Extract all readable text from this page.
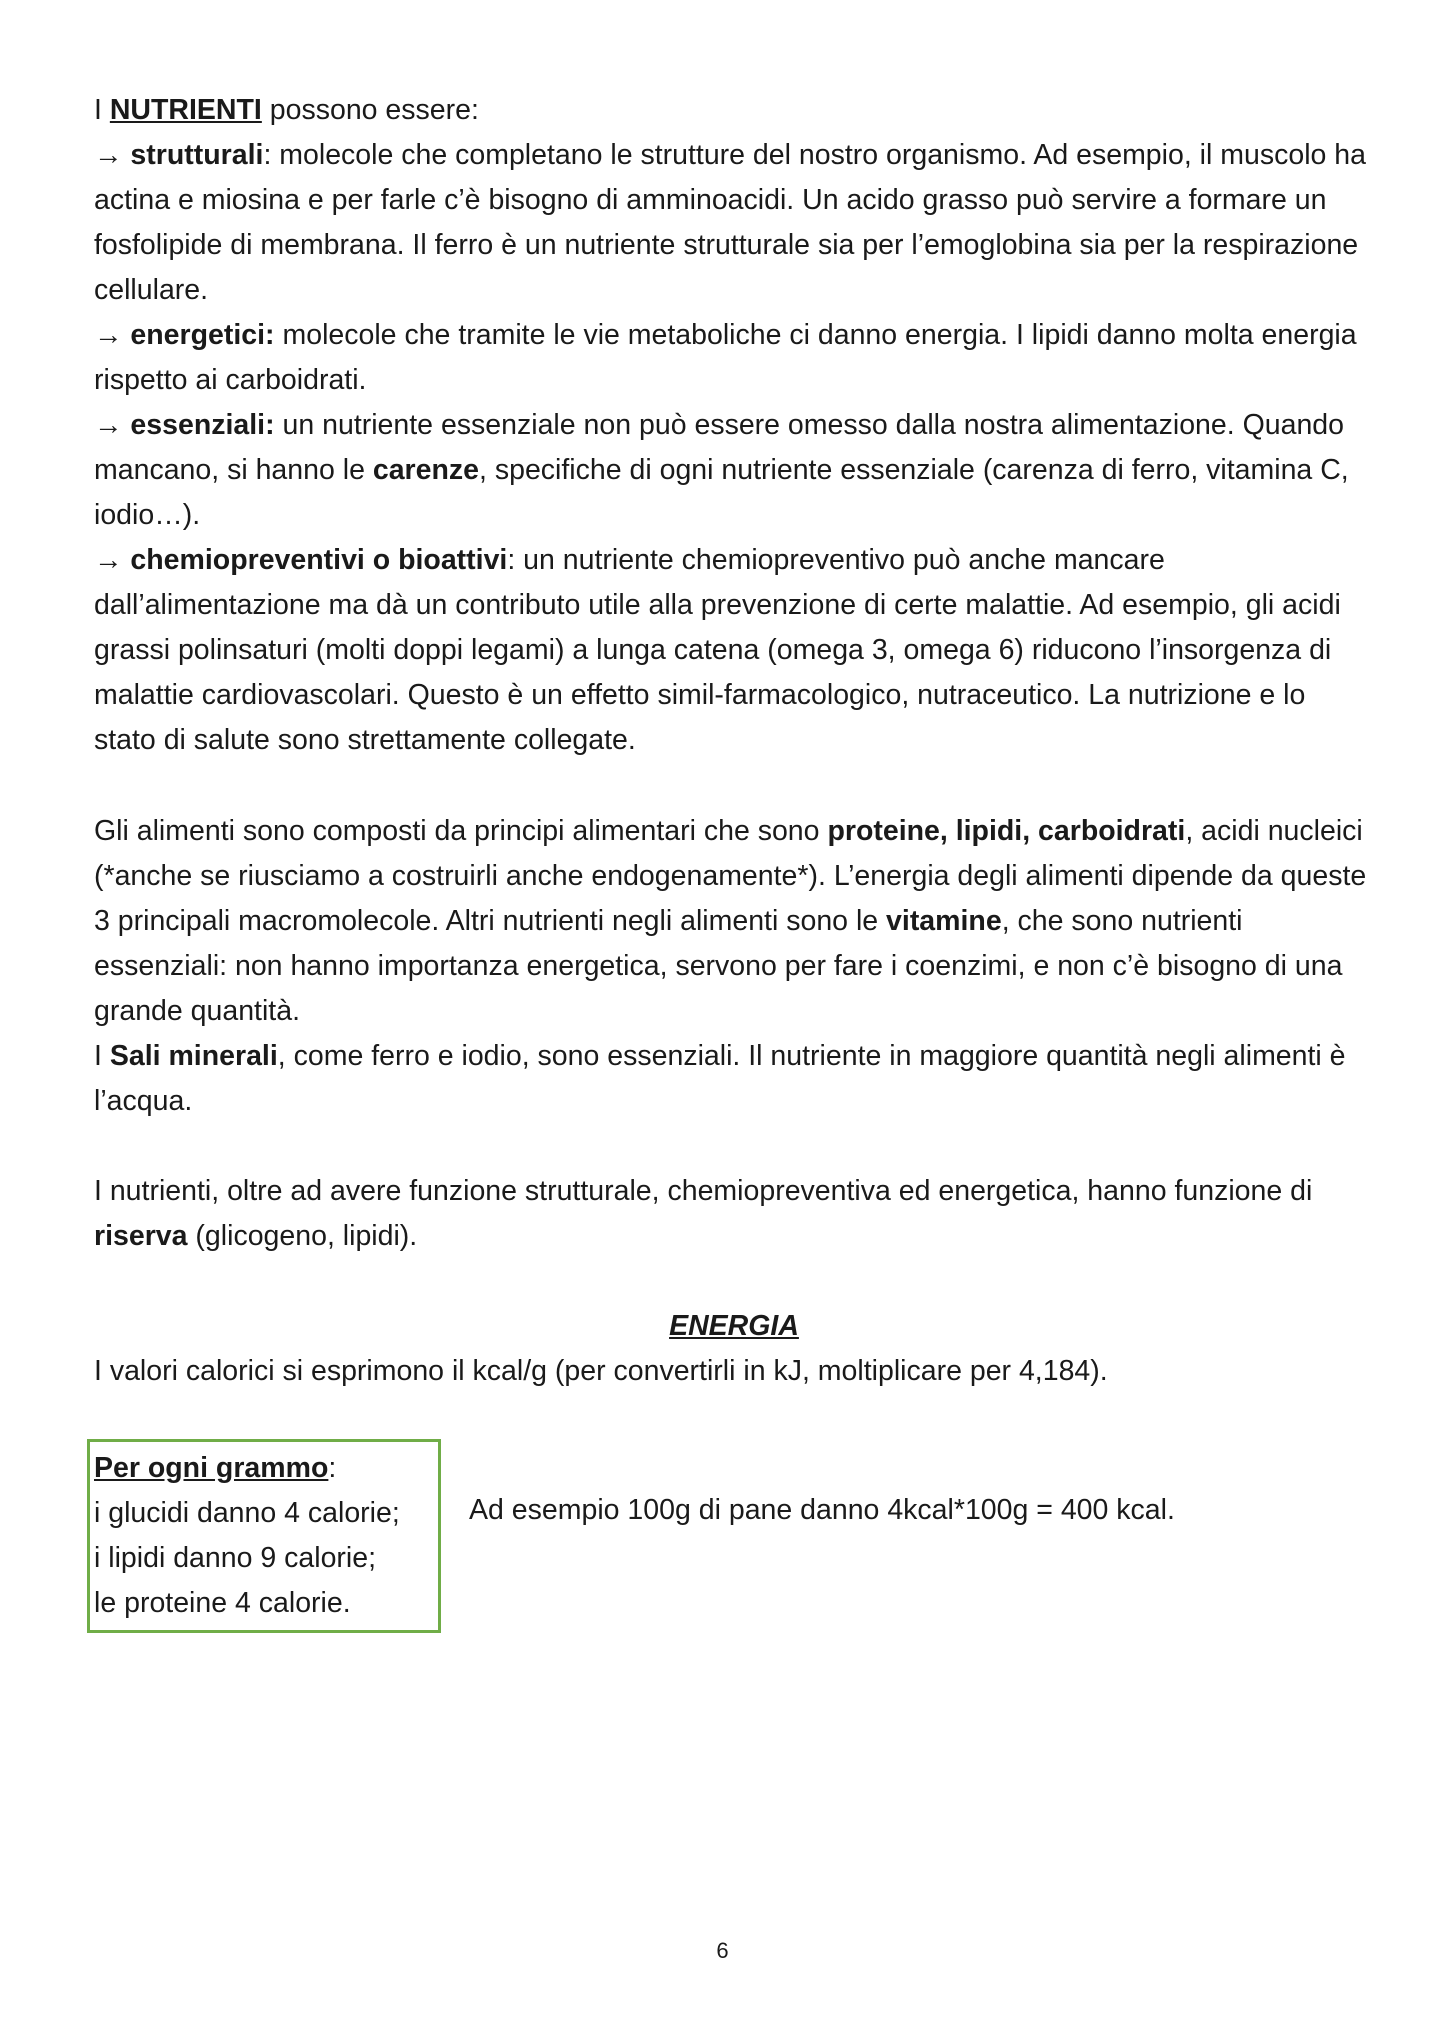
I NUTRIENTI possono essere:

→ strutturali: molecole che completano le strutture del nostro organismo. Ad esempio, il muscolo ha actina e miosina e per farle c’è bisogno di amminoacidi. Un acido grasso può servire a formare un fosfolipide di membrana. Il ferro è un nutriente strutturale sia per l’emoglobina sia per la respirazione cellulare.

→ energetici: molecole che tramite le vie metaboliche ci danno energia. I lipidi danno molta energia rispetto ai carboidrati.

→ essenziali: un nutriente essenziale non può essere omesso dalla nostra alimentazione. Quando mancano, si hanno le carenze, specifiche di ogni nutriente essenziale (carenza di ferro, vitamina C, iodio…).

→ chemiopreventivi o bioattivi: un nutriente chemiopreventivo può anche mancare dall’alimentazione ma dà un contributo utile alla prevenzione di certe malattie. Ad esempio, gli acidi grassi polinsaturi (molti doppi legami) a lunga catena (omega 3, omega 6) riducono l’insorgenza di malattie cardiovascolari. Questo è un effetto simil-farmacologico, nutraceutico. La nutrizione e lo stato di salute sono strettamente collegate.

Gli alimenti sono composti da principi alimentari che sono proteine, lipidi, carboidrati, acidi nucleici (*anche se riusciamo a costruirli anche endogenamente*). L’energia degli alimenti dipende da queste 3 principali macromolecole. Altri nutrienti negli alimenti sono le vitamine, che sono nutrienti essenziali: non hanno importanza energetica, servono per fare i coenzimi, e non c’è bisogno di una grande quantità.

I Sali minerali, come ferro e iodio, sono essenziali. Il nutriente in maggiore quantità negli alimenti è l’acqua.

I nutrienti, oltre ad avere funzione strutturale, chemiopreventiva ed energetica, hanno funzione di riserva (glicogeno, lipidi).

ENERGIA

I valori calorici si esprimono il kcal/g (per convertirli in kJ, moltiplicare per 4,184).

Per ogni grammo:
i glucidi danno 4 calorie;
i lipidi danno 9 calorie;
le proteine 4 calorie.
Ad esempio 100g di pane danno 4kcal*100g = 400 kcal.
6
